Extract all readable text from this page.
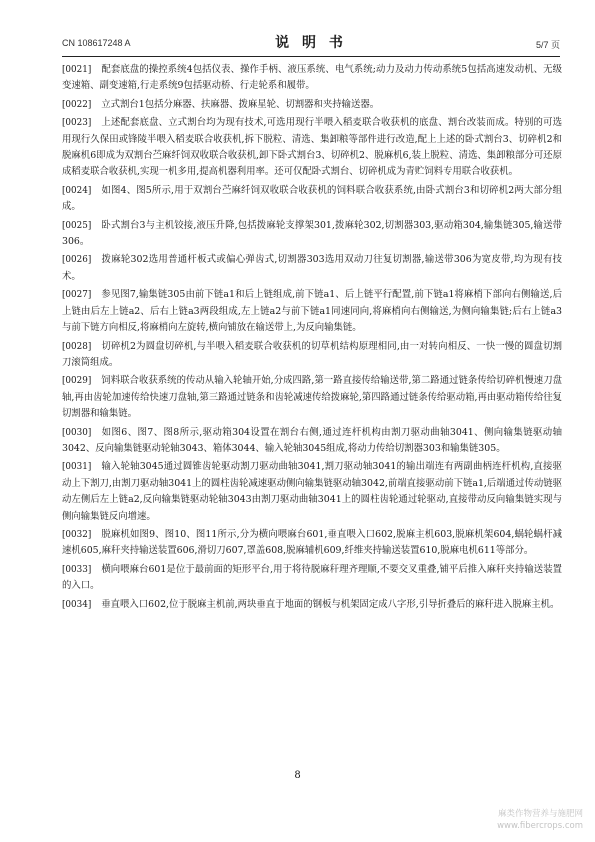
CN 108617248 A	说 明 书	5/7 页

[0021] 配套底盘的操控系统4包括仪表、操作手柄、液压系统、电气系统;动力及动力传动系统5包括高速发动机、无级变速箱、副变速箱,行走系统9包括驱动桥、行走轮系和履带。

[0022] 立式割台1包括分麻器、扶麻器、拨麻星轮、切割器和夹持输送器。

[0023] 上述配套底盘、立式割台均为现有技术,可选用现行半喂入稻麦联合收获机的底盘、割台改装而成。特别的可选用现行久保田或锋陵半喂入稻麦联合收获机,拆下脱粒、清选、集卸粮等部件进行改造,配上上述的卧式割台3、切碎机2和脱麻机6即成为双割台苎麻纤饲双收联合收获机,卸下卧式割台3、切碎机2、脱麻机6,装上脱粒、清选、集卸粮部分可还原成稻麦联合收获机,实现一机多用,提高机器利用率。还可仅配卧式割台、切碎机成为青贮饲料专用联合收获机。

[0024] 如图4、图5所示,用于双割台苎麻纤饲双收联合收获机的饲料联合收获系统,由卧式割台3和切碎机2两大部分组成。

[0025] 卧式割台3与主机铰接,液压升降,包括拨麻轮支撑架301,拨麻轮302,切割器303,驱动箱304,输集链305,输送带306。

[0026] 拨麻轮302选用普通杆板式或偏心弹齿式,切割器303选用双动刀往复切割器,输送带306为宽皮带,均为现有技术。

[0027] 参见图7,输集链305由前下链a1和后上链组成,前下链a1、后上链平行配置,前下链a1将麻梢下部向右侧输送,后上链由后左上链a2、后右上链a3两段组成,左上链a2与前下链a1同速同向,将麻梢向右侧输送,为侧向输集链;后右上链a3与前下链方向相反,将麻梢向左旋转,横向铺放在输送带上,为反向输集链。

[0028] 切碎机2为圆盘切碎机,与半喂入稻麦联合收获机的切草机结构原理相同,由一对转向相反、一快一慢的圆盘切割刀滚筒组成。

[0029] 饲料联合收获系统的传动从输入轮轴开始,分成四路,第一路直接传给输送带,第二路通过链条传给切碎机慢速刀盘轴,再由齿轮加速传给快速刀盘轴,第三路通过链条和齿轮减速传给拨麻轮,第四路通过链条传给驱动箱,再由驱动箱传给往复切割器和输集链。

[0030] 如图6、图7、图8所示,驱动箱304设置在割台右侧,通过连杆机构由割刀驱动曲轴3041、侧向输集链驱动轴3042、反向输集链驱动轮轴3043、箱体3044、输入轮轴3045组成,将动力传给切割器303和输集链305。

[0031] 输入轮轴3045通过圆锥齿轮驱动割刀驱动曲轴3041,割刀驱动轴3041的输出端连有两副曲柄连杆机构,直接驱动上下割刀,由割刀驱动轴3041上的圆柱齿轮减速驱动侧向输集链驱动轴3042,前端直接驱动前下链a1,后端通过传动链驱动左侧后左上链a2,反向输集链驱动轮轴3043由割刀驱动曲轴3041上的圆柱齿轮通过轮驱动,直接带动反向输集链实现与侧向输集链反向增速。

[0032] 脱麻机如图9、图10、图11所示,分为横向喂麻台601,垂直喂入口602,脱麻主机603,脱麻机架604,蜗轮蜗杆减速机605,麻秆夹持输送装置606,滑切刀607,罩盖608,脱麻辅机609,纤维夹持输送装置610,脱麻电机611等部分。

[0033] 横向喂麻台601是位于最前面的矩形平台,用于将待脱麻秆理齐理顺,不要交叉重叠,铺平后推入麻秆夹持输送装置的入口。

[0034] 垂直喂入口602,位于脱麻主机前,两块垂直于地面的钢板与机架固定成八字形,引导折叠后的麻秆进入脱麻主机。

8
麻类作物营养与施肥网
www.fibercrops.com
